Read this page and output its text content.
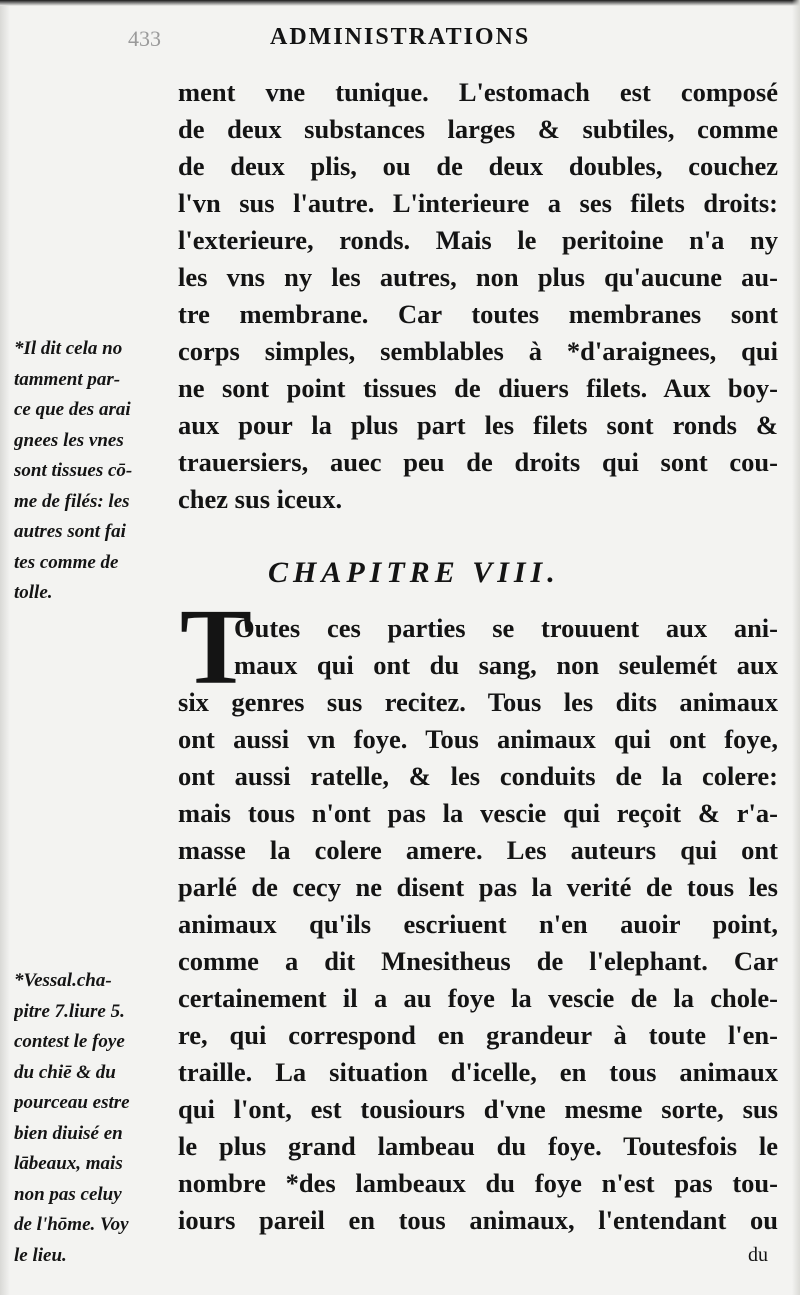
433	ADMINISTRATIONS
ment vne tunique. L'estomach est composé
de deux substances larges & subtiles, comme
de deux plis, ou de deux doubles, couchez
l'vn sus l'autre. L'interieure a ses filets droits:
l'exterieure, ronds. Mais le peritoine n'a ny
les vns ny les autres, non plus qu'aucune au-
tre membrane. Car toutes membranes sont
corps simples, semblables à *d'araignees, qui
ne sont point tissues de diuers filets. Aux boy-
aux pour la plus part les filets sont ronds &
trauersiers, auec peu de droits qui sont cou-
chez sus iceux.
CHAPITRE VIII.
T
Outes ces parties se trouuent aux ani-
maux qui ont du sang, non seulemét aux
six genres sus recitez. Tous les dits animaux
ont aussi vn foye. Tous animaux qui ont foye,
ont aussi ratelle, & les conduits de la colere:
mais tous n'ont pas la vescie qui reçoit & r'a-
masse la colere amere. Les auteurs qui ont
parlé de cecy ne disent pas la verité de tous les
animaux qu'ils escriuent n'en auoir point,
comme a dit Mnesitheus de l'elephant. Car
certainement il a au foye la vescie de la chole-
re, qui correspond en grandeur à toute l'en-
traille. La situation d'icelle, en tous animaux
qui l'ont, est tousiours d'vne mesme sorte, sus
le plus grand lambeau du foye. Toutesfois le
nombre *des lambeaux du foye n'est pas tou-
iours pareil en tous animaux, l'entendant ou
du
*Il dit cela no
tamment par-
ce que des arai
gnees les vnes
sont tissues cō-
me de filés: les
autres sont fai
tes comme de
tolle.
*Vessal.cha-
pitre 7.liure 5.
contest le foye
du chiē & du
pourceau estre
bien diuisé en
lābeaux, mais
non pas celuy
de l'hōme. Voy
le lieu.
